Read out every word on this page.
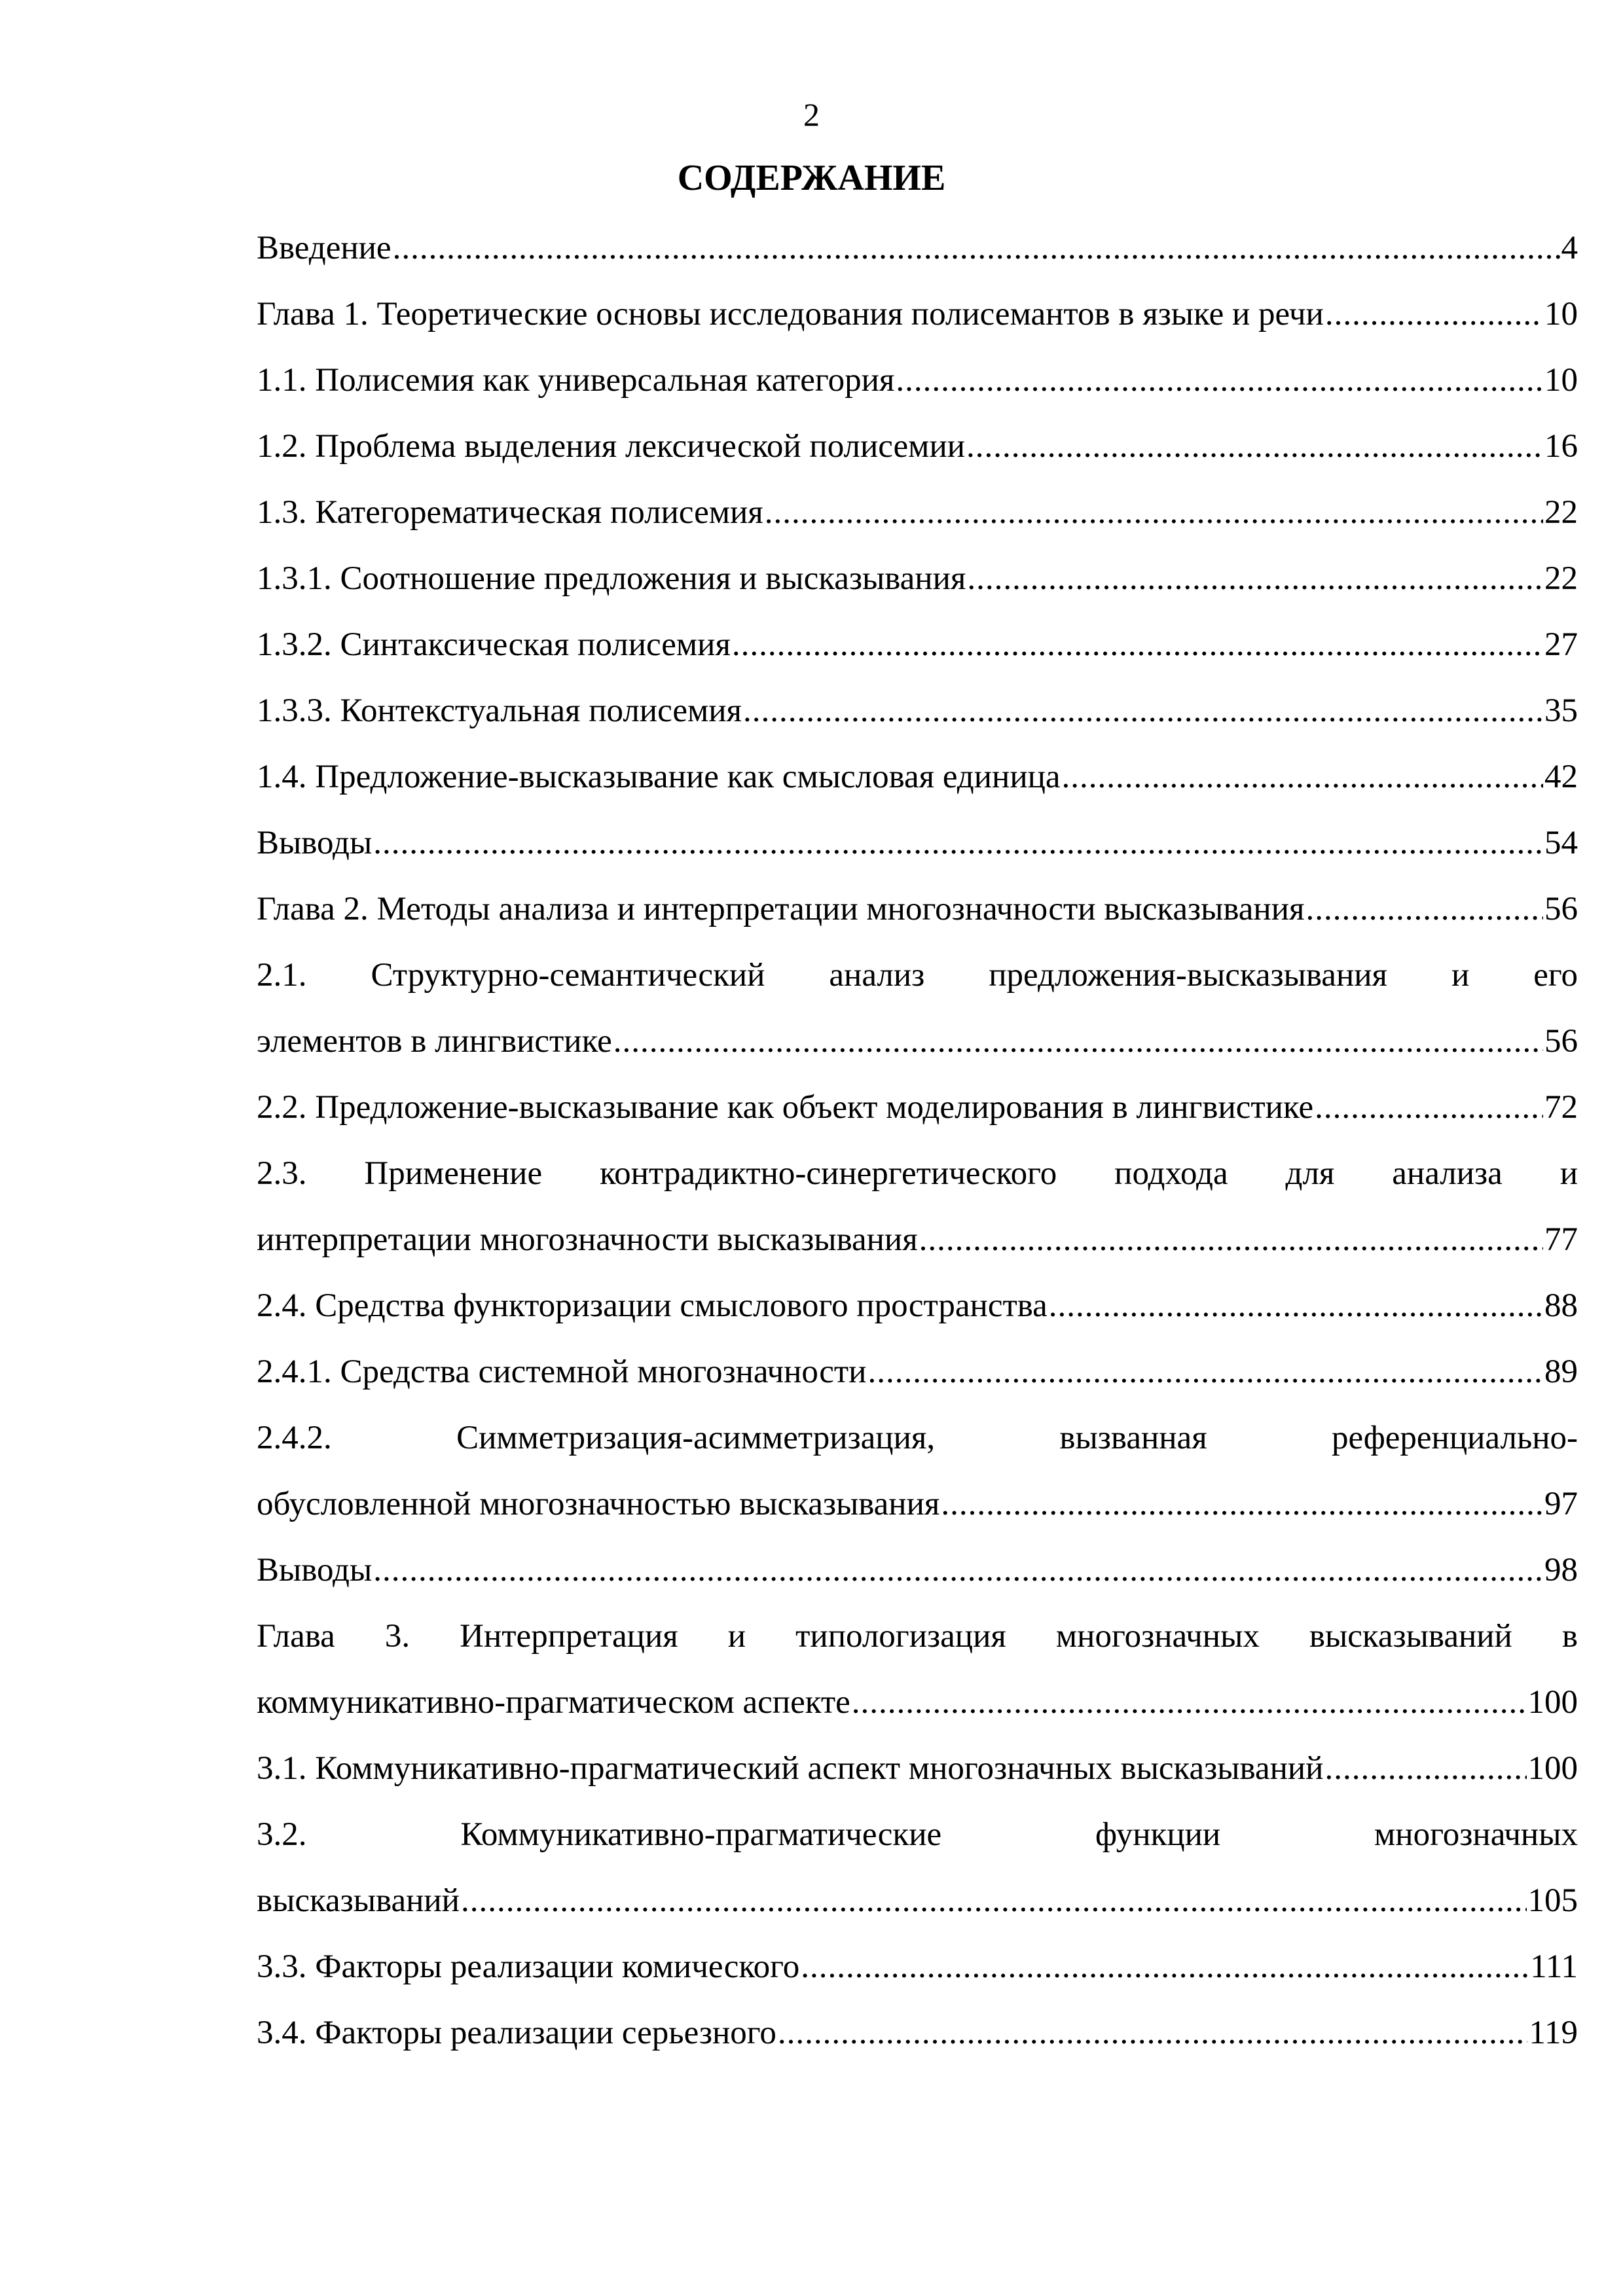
2
СОДЕРЖАНИЕ
Введение .....	4
Глава 1. Теоретические основы исследования полисемантов в языке и речи .....	10
1.1. Полисемия как универсальная категория .....	10
1.2. Проблема выделения лексической полисемии .....	16
1.3. Категорематическая полисемия .....	22
1.3.1. Соотношение предложения и высказывания .....	22
1.3.2. Синтаксическая полисемия .....	27
1.3.3. Контекстуальная полисемия .....	35
1.4. Предложение-высказывание как смысловая единица .....	42
Выводы .....	54
Глава 2. Методы анализа и интерпретации многозначности высказывания .....	56
2.1. Структурно-семантический анализ предложения-высказывания и его
элементов в лингвистике .....	56
2.2. Предложение-высказывание как объект моделирования в лингвистике .....	72
2.3. Применение контрадиктно-синергетического подхода для анализа и
интерпретации многозначности высказывания .....	77
2.4. Средства функторизации смыслового пространства .....	88
2.4.1. Средства системной многозначности .....	89
2.4.2. Симметризация-асимметризация, вызванная референциально-
обусловленной многозначностью высказывания .....	97
Выводы .....	98
Глава 3. Интерпретация и типологизация многозначных высказываний в
коммуникативно-прагматическом аспекте .....	100
3.1. Коммуникативно-прагматический аспект многозначных высказываний .....	100
3.2. Коммуникативно-прагматические функции многозначных
высказываний .....	105
3.3. Факторы реализации комического .....	111
3.4. Факторы реализации серьезного .....	119
